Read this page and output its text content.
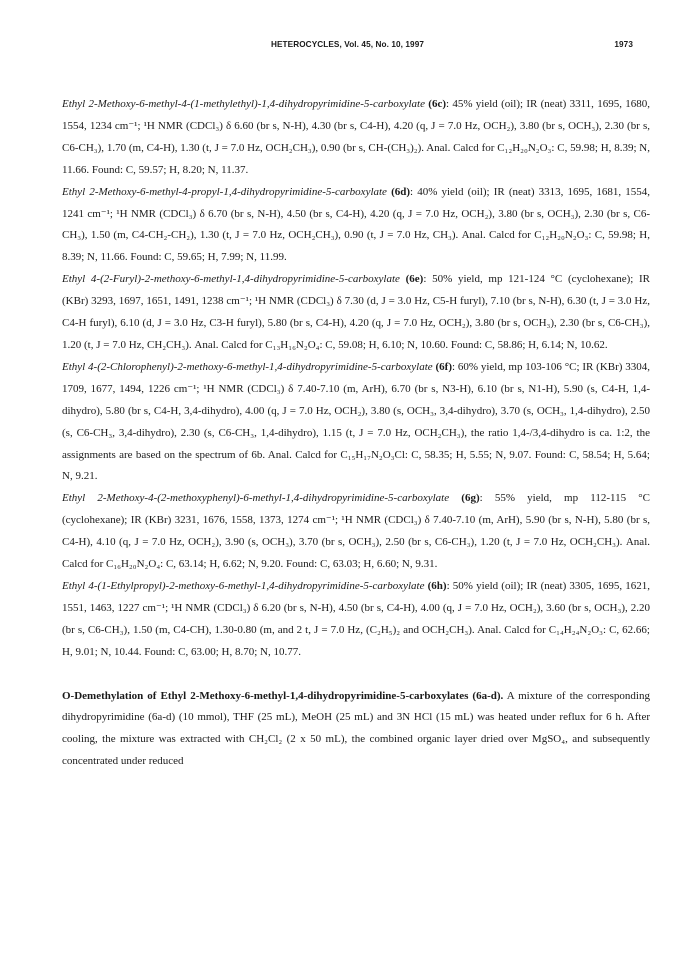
HETEROCYCLES, Vol. 45, No. 10, 1997	1973

Ethyl 2-Methoxy-6-methyl-4-(1-methylethyl)-1,4-dihydropyrimidine-5-carboxylate (6c): 45% yield (oil); IR (neat) 3311, 1695, 1680, 1554, 1234 cm⁻¹; ¹H NMR (CDCl₃) δ 6.60 (br s, N-H), 4.30 (br s, C4-H), 4.20 (q, J = 7.0 Hz, OCH₂), 3.80 (br s, OCH₃), 2.30 (br s, C6-CH₃), 1.70 (m, C4-H), 1.30 (t, J = 7.0 Hz, OCH₂CH₃), 0.90 (br s, CH-(CH₃)₂). Anal. Calcd for C₁₂H₂₀N₂O₃: C, 59.98; H, 8.39; N, 11.66. Found: C, 59.57; H, 8.20; N, 11.37.

Ethyl 2-Methoxy-6-methyl-4-propyl-1,4-dihydropyrimidine-5-carboxylate (6d): 40% yield (oil); IR (neat) 3313, 1695, 1681, 1554, 1241 cm⁻¹; ¹H NMR (CDCl₃) δ 6.70 (br s, N-H), 4.50 (br s, C4-H), 4.20 (q, J = 7.0 Hz, OCH₂), 3.80 (br s, OCH₃), 2.30 (br s, C6-CH₃), 1.50 (m, C4-CH₂-CH₂), 1.30 (t, J = 7.0 Hz, OCH₂CH₃), 0.90 (t, J = 7.0 Hz, CH₃). Anal. Calcd for C₁₂H₂₀N₂O₃: C, 59.98; H, 8.39; N, 11.66. Found: C, 59.65; H, 7.99; N, 11.99.

Ethyl 4-(2-Furyl)-2-methoxy-6-methyl-1,4-dihydropyrimidine-5-carboxylate (6e): 50% yield, mp 121-124 °C (cyclohexane); IR (KBr) 3293, 1697, 1651, 1491, 1238 cm⁻¹; ¹H NMR (CDCl₃) δ 7.30 (d, J = 3.0 Hz, C5-H furyl), 7.10 (br s, N-H), 6.30 (t, J = 3.0 Hz, C4-H furyl), 6.10 (d, J = 3.0 Hz, C3-H furyl), 5.80 (br s, C4-H), 4.20 (q, J = 7.0 Hz, OCH₂), 3.80 (br s, OCH₃), 2.30 (br s, C6-CH₃), 1.20 (t, J = 7.0 Hz, CH₂CH₃). Anal. Calcd for C₁₃H₁₆N₂O₄: C, 59.08; H, 6.10; N, 10.60. Found: C, 58.86; H, 6.14; N, 10.62.

Ethyl 4-(2-Chlorophenyl)-2-methoxy-6-methyl-1,4-dihydropyrimidine-5-carboxylate (6f): 60% yield, mp 103-106 °C; IR (KBr) 3304, 1709, 1677, 1494, 1226 cm⁻¹; ¹H NMR (CDCl₃) δ 7.40-7.10 (m, ArH), 6.70 (br s, N3-H), 6.10 (br s, N1-H), 5.90 (s, C4-H, 1,4-dihydro), 5.80 (br s, C4-H, 3,4-dihydro), 4.00 (q, J = 7.0 Hz, OCH₂), 3.80 (s, OCH₃, 3,4-dihydro), 3.70 (s, OCH₃, 1,4-dihydro), 2.50 (s, C6-CH₃, 3,4-dihydro), 2.30 (s, C6-CH₃, 1,4-dihydro), 1.15 (t, J = 7.0 Hz, OCH₂CH₃), the ratio 1,4-/3,4-dihydro is ca. 1:2, the assignments are based on the spectrum of 6b. Anal. Calcd for C₁₅H₁₇N₂O₃Cl: C, 58.35; H, 5.55; N, 9.07. Found: C, 58.54; H, 5.64; N, 9.21.

Ethyl 2-Methoxy-4-(2-methoxyphenyl)-6-methyl-1,4-dihydropyrimidine-5-carboxylate (6g): 55% yield, mp 112-115 °C (cyclohexane); IR (KBr) 3231, 1676, 1558, 1373, 1274 cm⁻¹; ¹H NMR (CDCl₃) δ 7.40-7.10 (m, ArH), 5.90 (br s, N-H), 5.80 (br s, C4-H), 4.10 (q, J = 7.0 Hz, OCH₂), 3.90 (s, OCH₃), 3.70 (br s, OCH₃), 2.50 (br s, C6-CH₃), 1.20 (t, J = 7.0 Hz, OCH₂CH₃). Anal. Calcd for C₁₆H₂₀N₂O₄: C, 63.14; H, 6.62; N, 9.20. Found: C, 63.03; H, 6.60; N, 9.31.

Ethyl 4-(1-Ethylpropyl)-2-methoxy-6-methyl-1,4-dihydropyrimidine-5-carboxylate (6h): 50% yield (oil); IR (neat) 3305, 1695, 1621, 1551, 1463, 1227 cm⁻¹; ¹H NMR (CDCl₃) δ 6.20 (br s, N-H), 4.50 (br s, C4-H), 4.00 (q, J = 7.0 Hz, OCH₂), 3.60 (br s, OCH₃), 2.20 (br s, C6-CH₃), 1.50 (m, C4-CH), 1.30-0.80 (m, and 2 t, J = 7.0 Hz, (C₂H₅)₂ and OCH₂CH₃). Anal. Calcd for C₁₄H₂₄N₂O₃: C, 62.66; H, 9.01; N, 10.44. Found: C, 63.00; H, 8.70; N, 10.77.

O-Demethylation of Ethyl 2-Methoxy-6-methyl-1,4-dihydropyrimidine-5-carboxylates (6a-d). A mixture of the corresponding dihydropyrimidine (6a-d) (10 mmol), THF (25 mL), MeOH (25 mL) and 3N HCl (15 mL) was heated under reflux for 6 h. After cooling, the mixture was extracted with CH₂Cl₂ (2 x 50 mL), the combined organic layer dried over MgSO₄, and subsequently concentrated under reduced
